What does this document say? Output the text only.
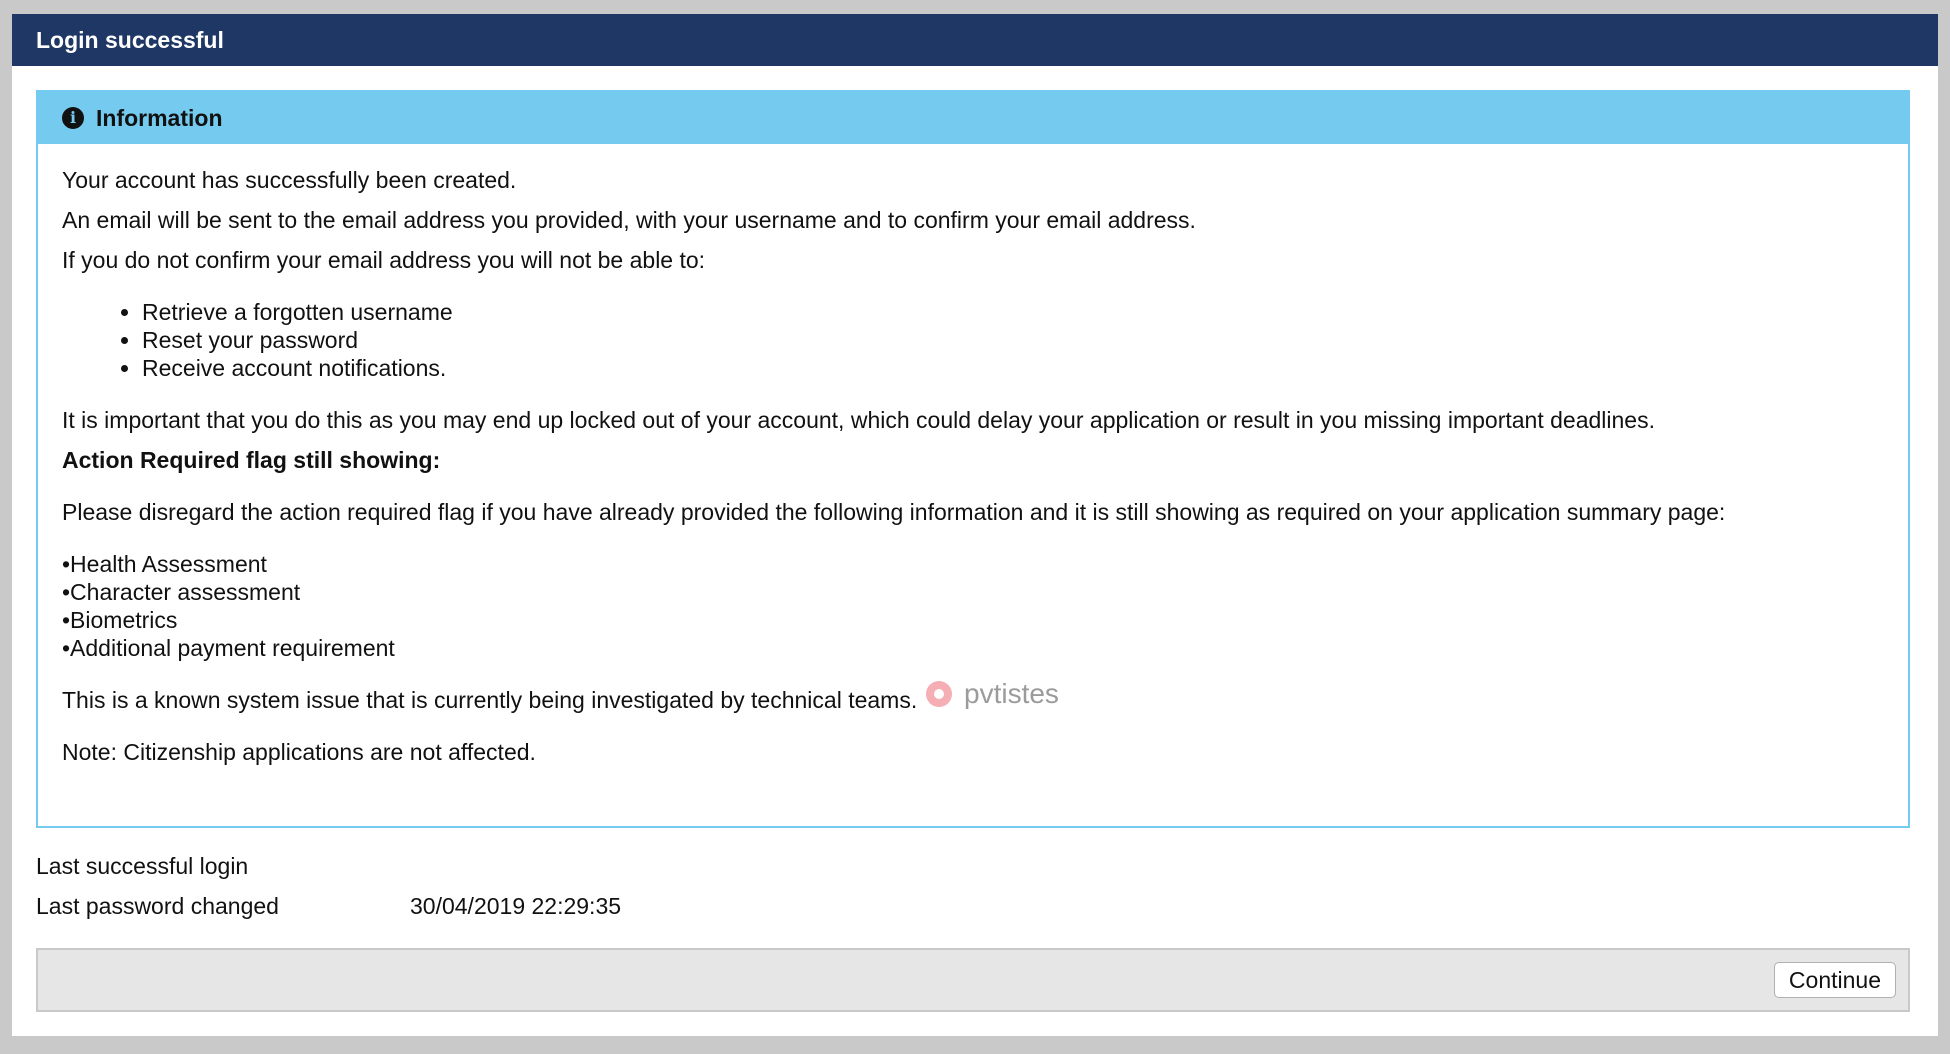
Login successful
i Information

Your account has successfully been created.

An email will be sent to the email address you provided, with your username and to confirm your email address.

If you do not confirm your email address you will not be able to:

• Retrieve a forgotten username
• Reset your password
• Receive account notifications.

It is important that you do this as you may end up locked out of your account, which could delay your application or result in you missing important deadlines.

Action Required flag still showing:

Please disregard the action required flag if you have already provided the following information and it is still showing as required on your application summary page:

•Health Assessment
•Character assessment
•Biometrics
•Additional payment requirement

This is a known system issue that is currently being investigated by technical teams.

Note: Citizenship applications are not affected.

Last successful login
Last password changed	30/04/2019 22:29:35
Continue
pvtistes
